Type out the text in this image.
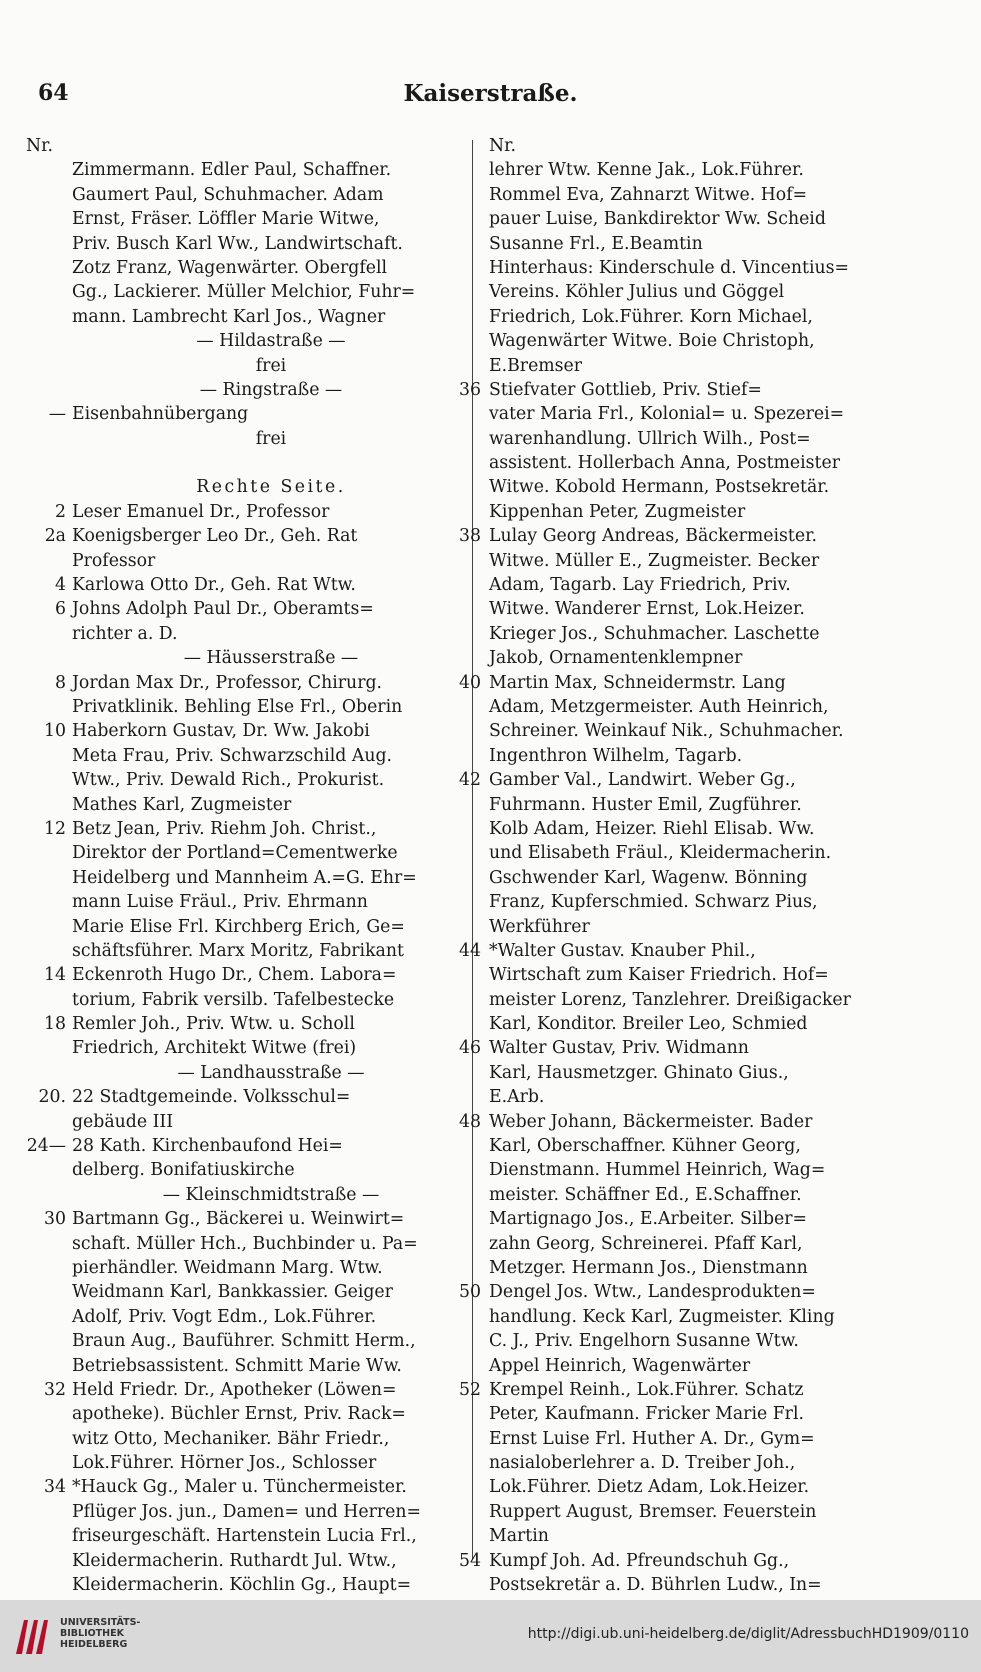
64	Kaiserstraße.
Nr.
Zimmermann. Edler Paul, Schaffner.
Gaumert Paul, Schuhmacher. Adam
Ernst, Fräser. Löffler Marie Witwe,
Priv. Busch Karl Ww., Landwirtschaft.
Zotz Franz, Wagenwärter. Obergfell
Gg., Lackierer. Müller Melchior, Fuhr=
mann. Lambrecht Karl Jos., Wagner
— Hildastraße —
frei
— Ringstraße —
— Eisenbahnübergang
frei
Rechte Seite.
2 Leser Emanuel Dr., Professor
2a Koenigsberger Leo Dr., Geh. Rat
Professor
4 Karlowa Otto Dr., Geh. Rat Wtw.
6 Johns Adolph Paul Dr., Oberamts=
richter a. D.
— Häusserstraße —
8 Jordan Max Dr., Professor, Chirurg.
Privatklinik. Behling Else Frl., Oberin
10 Haberkorn Gustav, Dr. Ww. Jakobi
Meta Frau, Priv. Schwarzschild Aug.
Wtw., Priv. Dewald Rich., Prokurist.
Mathes Karl, Zugmeister
12 Betz Jean, Priv. Riehm Joh. Christ.,
Direktor der Portland=Cementwerke
Heidelberg und Mannheim A.=G. Ehr=
mann Luise Fräul., Priv. Ehrmann
Marie Elise Frl. Kirchberg Erich, Ge=
schäftsführer. Marx Moritz, Fabrikant
14 Eckenroth Hugo Dr., Chem. Labora=
torium, Fabrik versilb. Tafelbestecke
18 Remler Joh., Priv. Wtw. u. Scholl
Friedrich, Architekt Witwe (frei)
— Landhausstraße —
20. 22 Stadtgemeinde. Volksschul=
gebäude III
24— 28 Kath. Kirchenbaufond Hei=
delberg. Bonifatiuskirche
— Kleinschmidtstraße —
30 Bartmann Gg., Bäckerei u. Weinwirt=
schaft. Müller Hch., Buchbinder u. Pa=
pierhändler. Weidmann Marg. Wtw.
Weidmann Karl, Bankkassier. Geiger
Adolf, Priv. Vogt Edm., Lok.Führer.
Braun Aug., Bauführer. Schmitt Herm.,
Betriebsassistent. Schmitt Marie Ww.
32 Held Friedr. Dr., Apotheker (Löwen=
apotheke). Büchler Ernst, Priv. Rack=
witz Otto, Mechaniker. Bähr Friedr.,
Lok.Führer. Hörner Jos., Schlosser
34 *Hauck Gg., Maler u. Tünchermeister.
Pflüger Jos. jun., Damen= und Herren=
friseurgeschäft. Hartenstein Lucia Frl.,
Kleidermacherin. Ruthardt Jul. Wtw.,
Kleidermacherin. Köchlin Gg., Haupt=
Nr.
lehrer Wtw. Kenne Jak., Lok.Führer.
Rommel Eva, Zahnarzt Witwe. Hof=
pauer Luise, Bankdirektor Ww. Scheid
Susanne Frl., E.Beamtin
Hinterhaus: Kinderschule d. Vincentius=
Vereins. Köhler Julius und Göggel
Friedrich, Lok.Führer. Korn Michael,
Wagenwärter Witwe. Boie Christoph,
E.Bremser
36 Stiefvater Gottlieb, Priv. Stief=
vater Maria Frl., Kolonial= u. Spezerei=
warenhandlung. Ullrich Wilh., Post=
assistent. Hollerbach Anna, Postmeister
Witwe. Kobold Hermann, Postsekretär.
Kippenhan Peter, Zugmeister
38 Lulay Georg Andreas, Bäckermeister.
Witwe. Müller E., Zugmeister. Becker
Adam, Tagarb. Lay Friedrich, Priv.
Witwe. Wanderer Ernst, Lok.Heizer.
Krieger Jos., Schuhmacher. Laschette
Jakob, Ornamentenklempner
40 Martin Max, Schneidermstr. Lang
Adam, Metzgermeister. Auth Heinrich,
Schreiner. Weinkauf Nik., Schuhmacher.
Ingenthron Wilhelm, Tagarb.
42 Gamber Val., Landwirt. Weber Gg.,
Fuhrmann. Huster Emil, Zugführer.
Kolb Adam, Heizer. Riehl Elisab. Ww.
und Elisabeth Fräul., Kleidermacherin.
Gschwender Karl, Wagenw. Bönning
Franz, Kupferschmied. Schwarz Pius,
Werkführer
44 *Walter Gustav. Knauber Phil.,
Wirtschaft zum Kaiser Friedrich. Hof=
meister Lorenz, Tanzlehrer. Dreißigacker
Karl, Konditor. Breiler Leo, Schmied
46 Walter Gustav, Priv. Widmann
Karl, Hausmetzger. Ghinato Gius.,
E.Arb.
48 Weber Johann, Bäckermeister. Bader
Karl, Oberschaffner. Kühner Georg,
Dienstmann. Hummel Heinrich, Wag=
meister. Schäffner Ed., E.Schaffner.
Martignago Jos., E.Arbeiter. Silber=
zahn Georg, Schreinerei. Pfaff Karl,
Metzger. Hermann Jos., Dienstmann
50 Dengel Jos. Wtw., Landesprodukten=
handlung. Keck Karl, Zugmeister. Kling
C. J., Priv. Engelhorn Susanne Wtw.
Appel Heinrich, Wagenwärter
52 Krempel Reinh., Lok.Führer. Schatz
Peter, Kaufmann. Fricker Marie Frl.
Ernst Luise Frl. Huther A. Dr., Gym=
nasialoberlehrer a. D. Treiber Joh.,
Lok.Führer. Dietz Adam, Lok.Heizer.
Ruppert August, Bremser. Feuerstein
Martin
54 Kumpf Joh. Ad. Pfreundschuh Gg.,
Postsekretär a. D. Bührlen Ludw., In=
UNIVERSITÄTS-
BIBLIOTHEK
HEIDELBERG
http://digi.ub.uni-heidelberg.de/diglit/AdressbuchHD1909/0110
